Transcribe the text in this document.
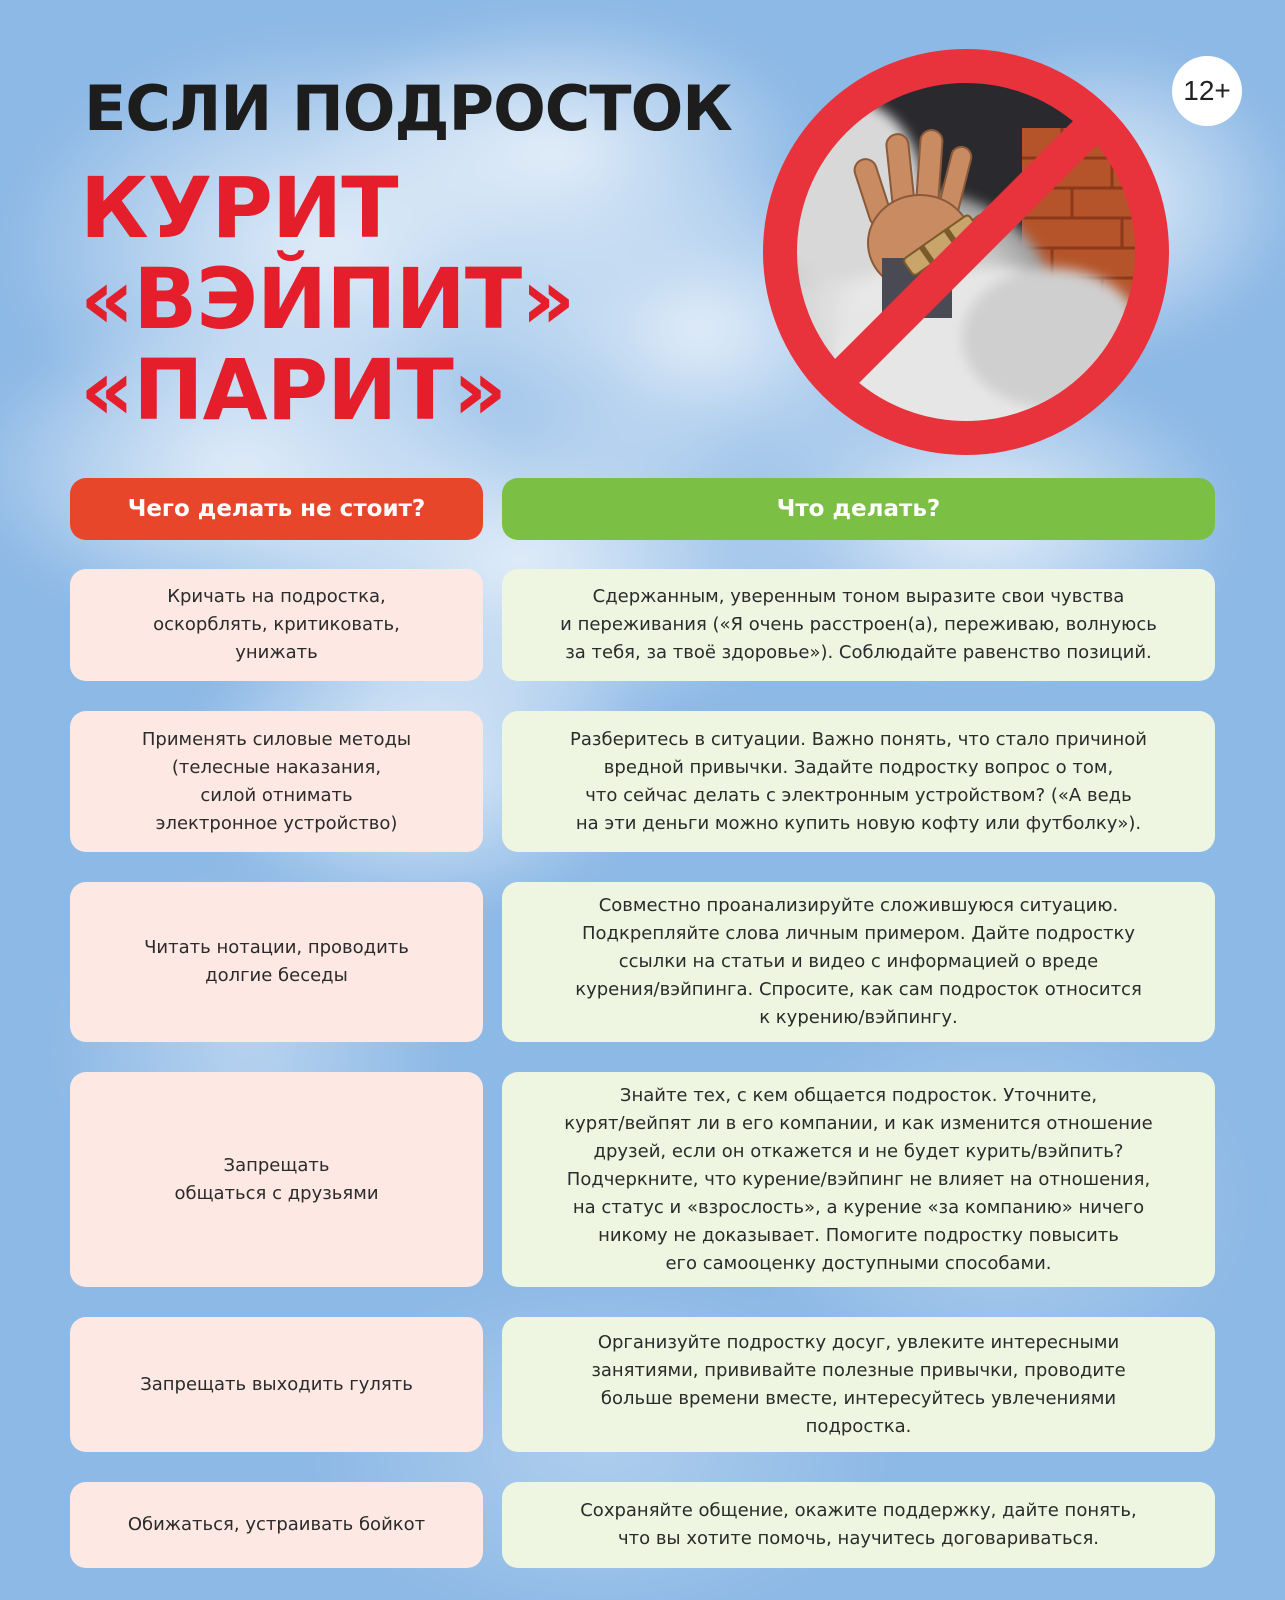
ЕСЛИ ПОДРОСТОК
КУРИТ
«ВЭЙПИТ»
«ПАРИТ»
12+
Чего делать не стоит?	Что делать?
Кричать на подростка,
оскорблять, критиковать,
унижать
Сдержанным, уверенным тоном выразите свои чувства
и переживания («Я очень расстроен(а), переживаю, волнуюсь
за тебя, за твоё здоровье»). Соблюдайте равенство позиций.
Применять силовые методы
(телесные наказания,
силой отнимать
электронное устройство)
Разберитесь в ситуации. Важно понять, что стало причиной
вредной привычки. Задайте подростку вопрос о том,
что сейчас делать с электронным устройством? («А ведь
на эти деньги можно купить новую кофту или футболку»).
Читать нотации, проводить
долгие беседы
Совместно проанализируйте сложившуюся ситуацию.
Подкрепляйте слова личным примером. Дайте подростку
ссылки на статьи и видео с информацией о вреде
курения/вэйпинга. Спросите, как сам подросток относится
к курению/вэйпингу.
Запрещать
общаться с друзьями
Знайте тех, с кем общается подросток. Уточните,
курят/вейпят ли в его компании, и как изменится отношение
друзей, если он откажется и не будет курить/вэйпить?
Подчеркните, что курение/вэйпинг не влияет на отношения,
на статус и «взрослость», а курение «за компанию» ничего
никому не доказывает. Помогите подростку повысить
его самооценку доступными способами.
Запрещать выходить гулять
Организуйте подростку досуг, увлеките интересными
занятиями, прививайте полезные привычки, проводите
больше времени вместе, интересуйтесь увлечениями
подростка.
Обижаться, устраивать бойкот
Сохраняйте общение, окажите поддержку, дайте понять,
что вы хотите помочь, научитесь договариваться.
